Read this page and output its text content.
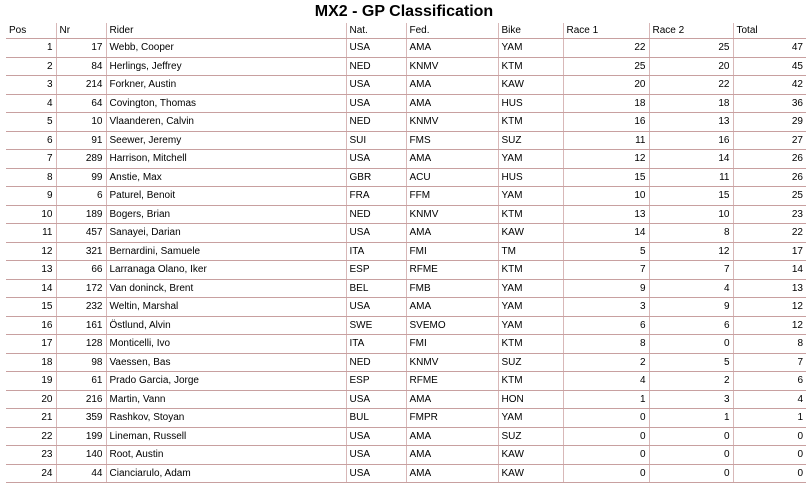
MX2 - GP Classification
Pos	Nr	Rider	Nat.	Fed.	Bike	Race 1	Race 2	Total
1	17	Webb, Cooper	USA	AMA	YAM	22	25	47
2	84	Herlings, Jeffrey	NED	KNMV	KTM	25	20	45
3	214	Forkner, Austin	USA	AMA	KAW	20	22	42
4	64	Covington, Thomas	USA	AMA	HUS	18	18	36
5	10	Vlaanderen, Calvin	NED	KNMV	KTM	16	13	29
6	91	Seewer, Jeremy	SUI	FMS	SUZ	11	16	27
7	289	Harrison, Mitchell	USA	AMA	YAM	12	14	26
8	99	Anstie, Max	GBR	ACU	HUS	15	11	26
9	6	Paturel, Benoit	FRA	FFM	YAM	10	15	25
10	189	Bogers, Brian	NED	KNMV	KTM	13	10	23
11	457	Sanayei, Darian	USA	AMA	KAW	14	8	22
12	321	Bernardini, Samuele	ITA	FMI	TM	5	12	17
13	66	Larranaga Olano, Iker	ESP	RFME	KTM	7	7	14
14	172	Van doninck, Brent	BEL	FMB	YAM	9	4	13
15	232	Weltin, Marshal	USA	AMA	YAM	3	9	12
16	161	Östlund, Alvin	SWE	SVEMO	YAM	6	6	12
17	128	Monticelli, Ivo	ITA	FMI	KTM	8	0	8
18	98	Vaessen, Bas	NED	KNMV	SUZ	2	5	7
19	61	Prado Garcia, Jorge	ESP	RFME	KTM	4	2	6
20	216	Martin, Vann	USA	AMA	HON	1	3	4
21	359	Rashkov, Stoyan	BUL	FMPR	YAM	0	1	1
22	199	Lineman, Russell	USA	AMA	SUZ	0	0	0
23	140	Root, Austin	USA	AMA	KAW	0	0	0
24	44	Cianciarulo, Adam	USA	AMA	KAW	0	0	0
